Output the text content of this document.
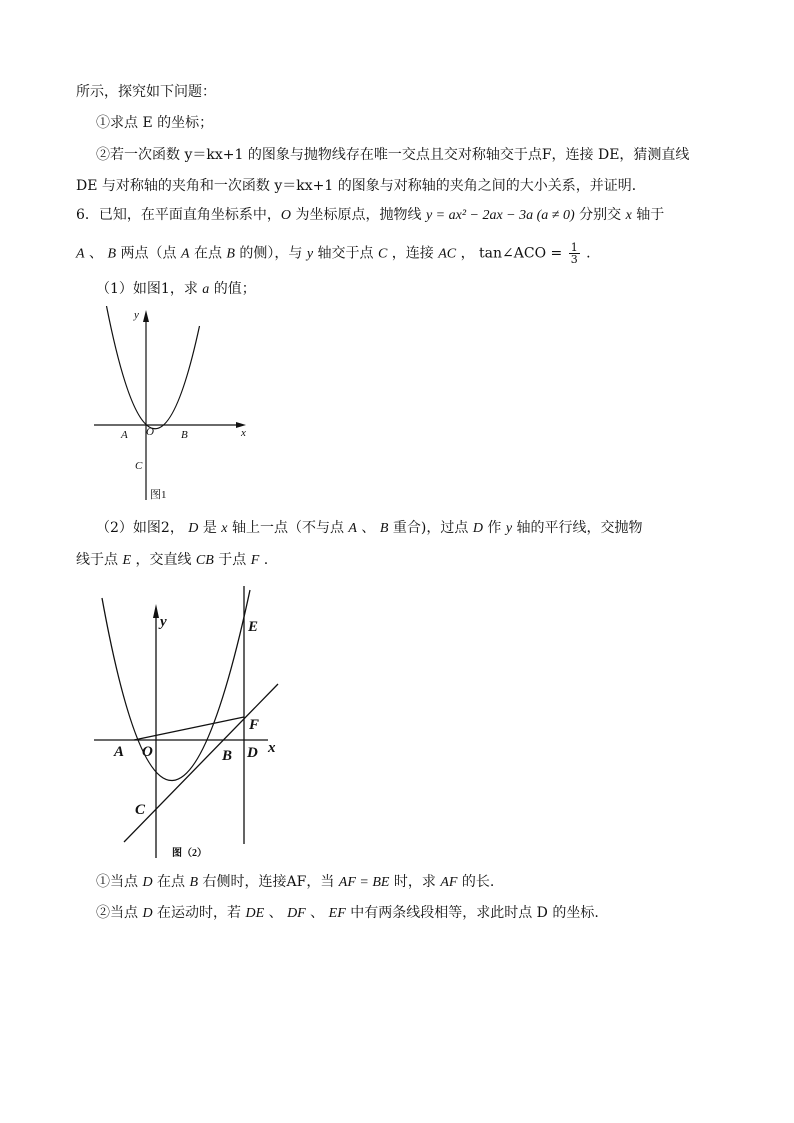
所示，探究如下问题：
①求点 E 的坐标；
②若一次函数 y＝kx+1 的图象与抛物线存在唯一交点且交对称轴交于点F，连接 DE，猜测直线
DE 与对称轴的夹角和一次函数 y＝kx+1 的图象与对称轴的夹角之间的大小关系，并证明．
6．已知，在平面直角坐标系中，O 为坐标原点，抛物线 y = ax² − 2ax − 3a (a ≠ 0) 分别交 x 轴于
A 、 B 两点（点 A 在点 B 的侧），与 y 轴交于点 C ，连接 AC ， tan∠ACO = $\frac{1}{3}$ .
（1）如图1，求 a 的值；
y
x
A O B
C
图1
（2）如图2， D 是 x 轴上一点（不与点 A 、 B 重合)，过点 D 作 y 轴的平行线，交抛物
线于点 E ，交直线 CB 于点 F .
y
x
A O	B D
E
F
C
图（2）
①当点 D 在点 B 右侧时，连接AF，当 AF = BE 时，求 AF 的长.
②当点 D 在运动时，若 DE 、 DF 、 EF 中有两条线段相等，求此时点 D 的坐标.
